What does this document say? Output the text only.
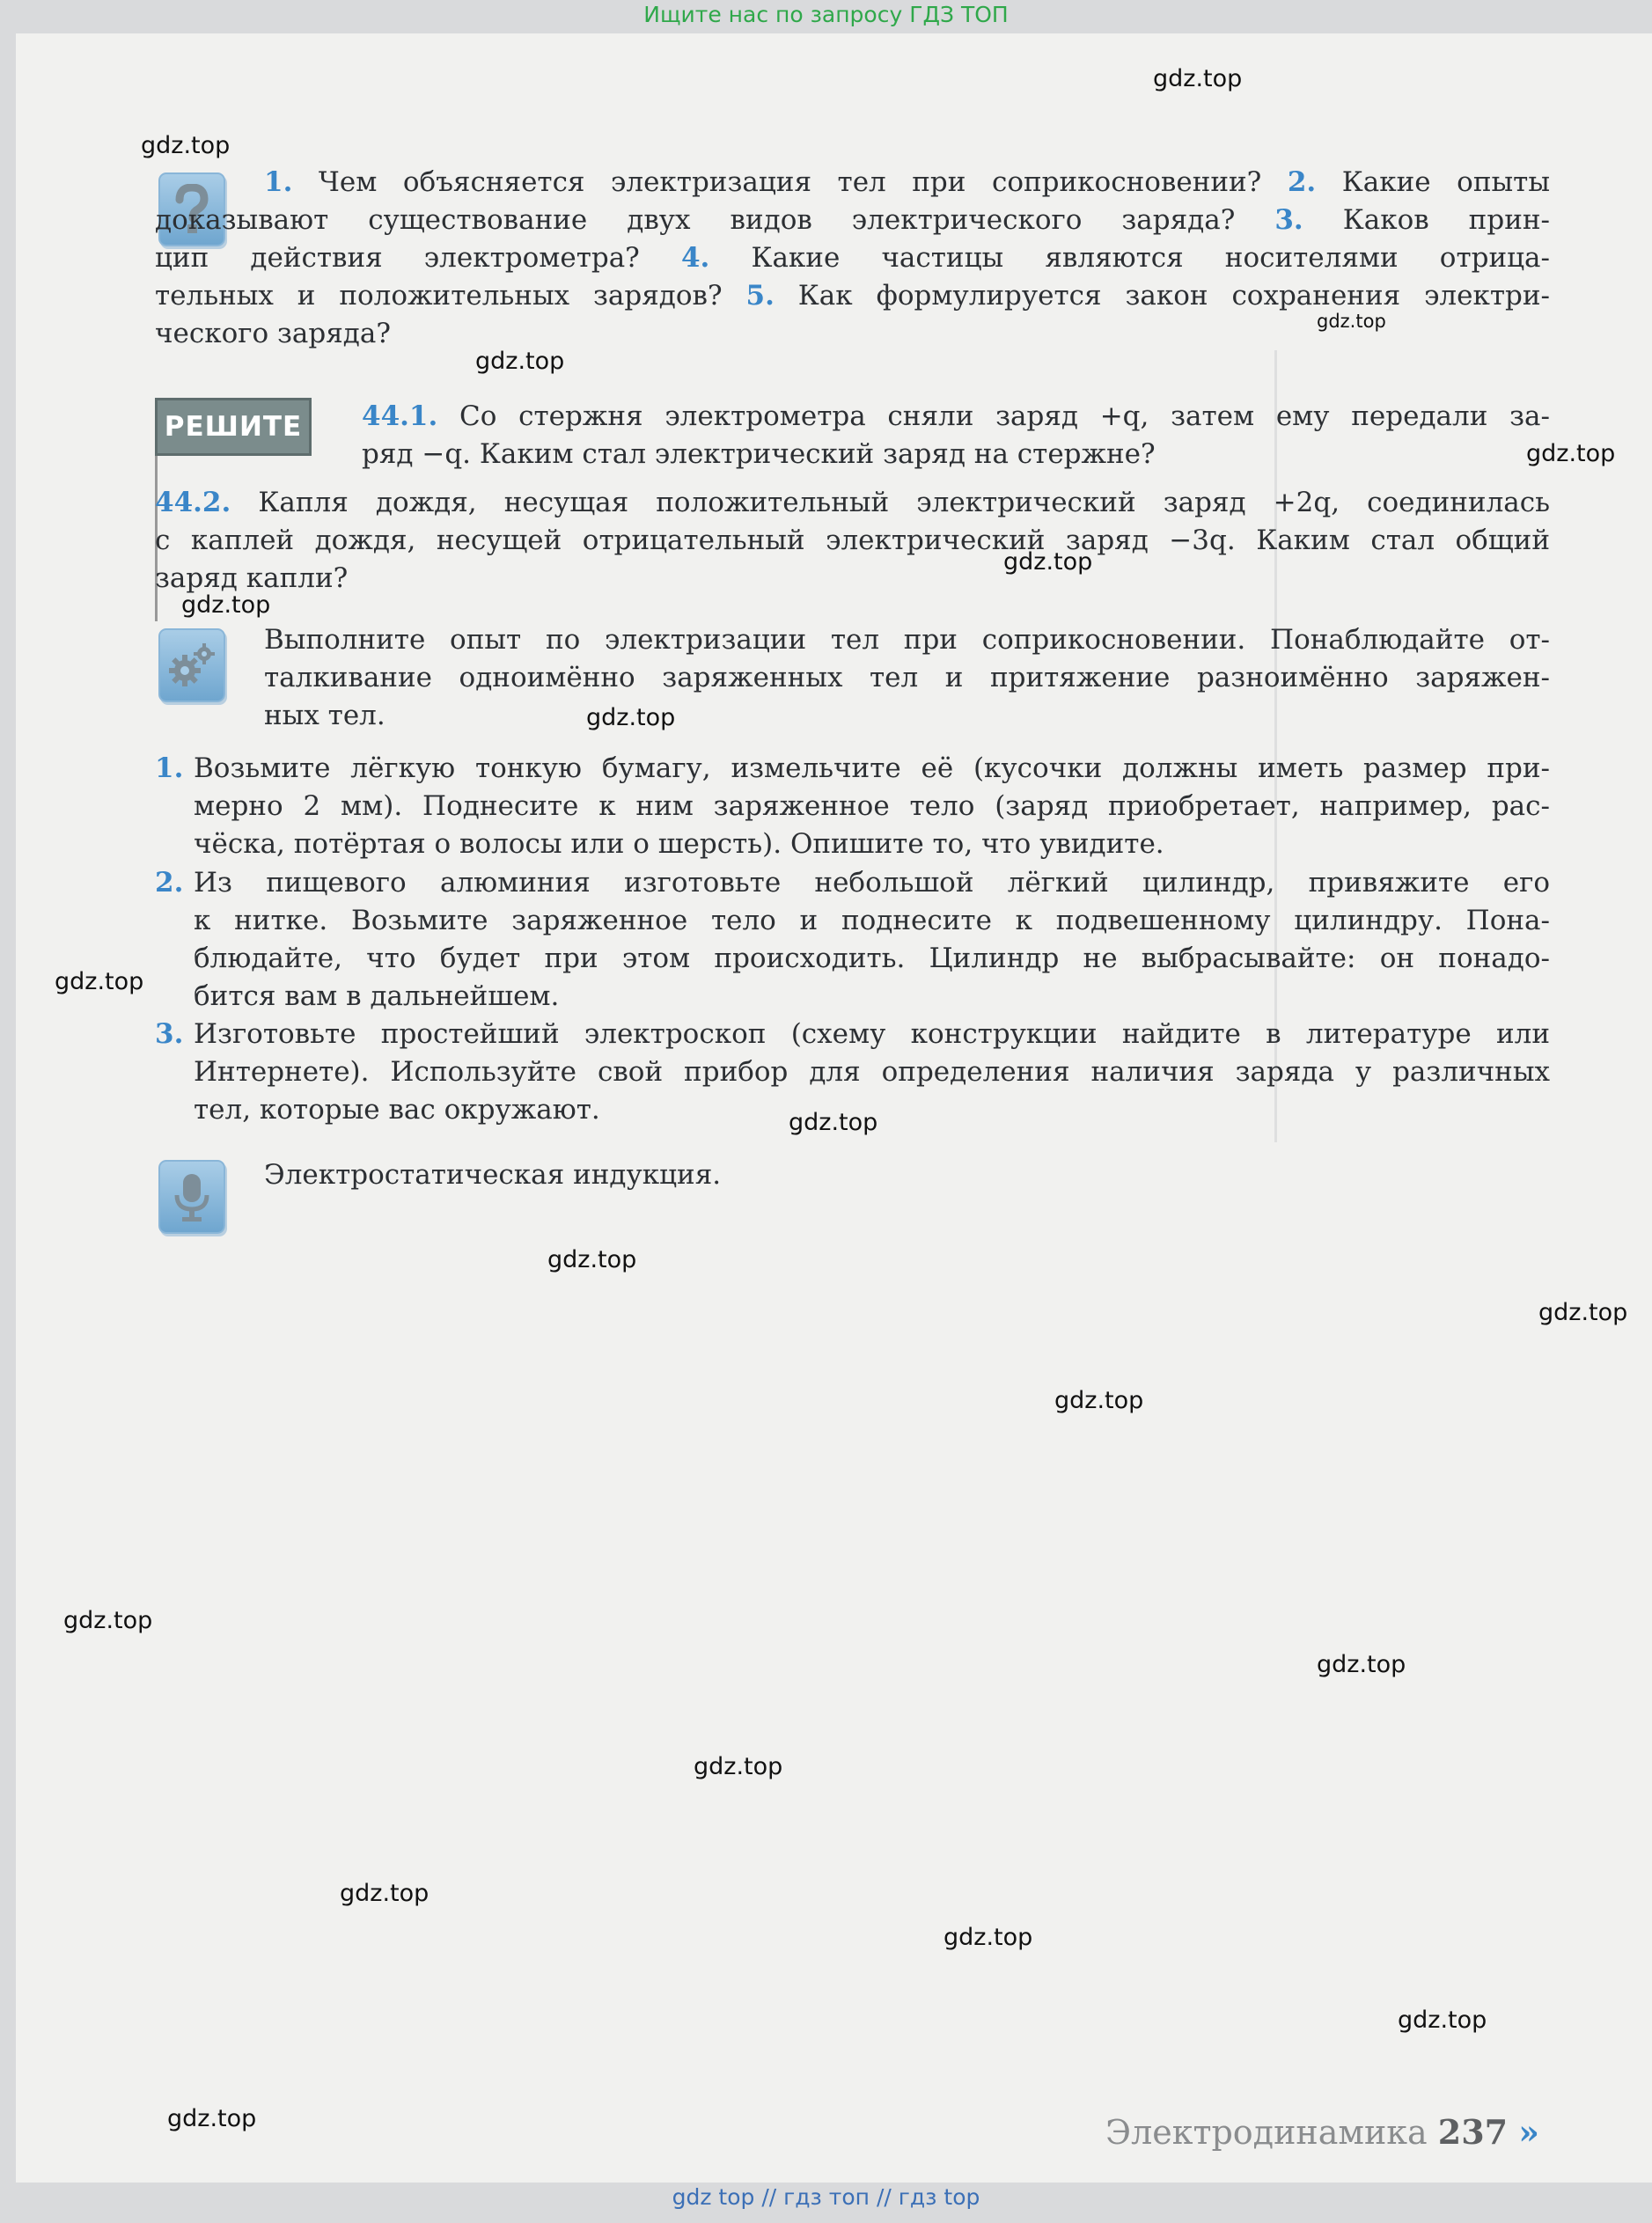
Ищите нас по запросу ГДЗ ТОП
1. Чем объясняется электризация тел при соприкосновении? 2. Какие опыты
доказывают существование двух видов электрического заряда? 3. Каков прин-
цип действия электрометра? 4. Какие частицы являются носителями отрица-
тельных и положительных зарядов? 5. Как формулируется закон сохранения электри-
ческого заряда?
РЕШИТЕ	44.1. Со стержня электрометра сняли заряд +q, затем ему передали за-
ряд −q. Каким стал электрический заряд на стержне?
44.2. Капля дождя, несущая положительный электрический заряд +2q, соединилась
с каплей дождя, несущей отрицательный электрический заряд −3q. Каким стал общий
заряд капли?
Выполните опыт по электризации тел при соприкосновении. Понаблюдайте от-
талкивание одноимённо заряженных тел и притяжение разноимённо заряжен-
ных тел.
1. Возьмите лёгкую тонкую бумагу, измельчите её (кусочки должны иметь размер при-
мерно 2 мм). Поднесите к ним заряженное тело (заряд приобретает, например, рас-
чёска, потёртая о волосы или о шерсть). Опишите то, что увидите.
2. Из пищевого алюминия изготовьте небольшой лёгкий цилиндр, привяжите его
к нитке. Возьмите заряженное тело и поднесите к подвешенному цилиндру. Пона-
блюдайте, что будет при этом происходить. Цилиндр не выбрасывайте: он понадо-
бится вам в дальнейшем.
3. Изготовьте простейший электроскоп (схему конструкции найдите в литературе или
Интернете). Используйте свой прибор для определения наличия заряда у различных
тел, которые вас окружают.
Электростатическая индукция.
Электродинамика 237 »
gdz.top
gdz.top
gdz.top
gdz.top
gdz.top
gdz.top
gdz.top
gdz.top
gdz.top
gdz.top
gdz.top
gdz.top
gdz.top
gdz.top
gdz.top
gdz.top
gdz.top
gdz.top
gdz.top
gdz.top
gdz top // гдз топ // гдз top
